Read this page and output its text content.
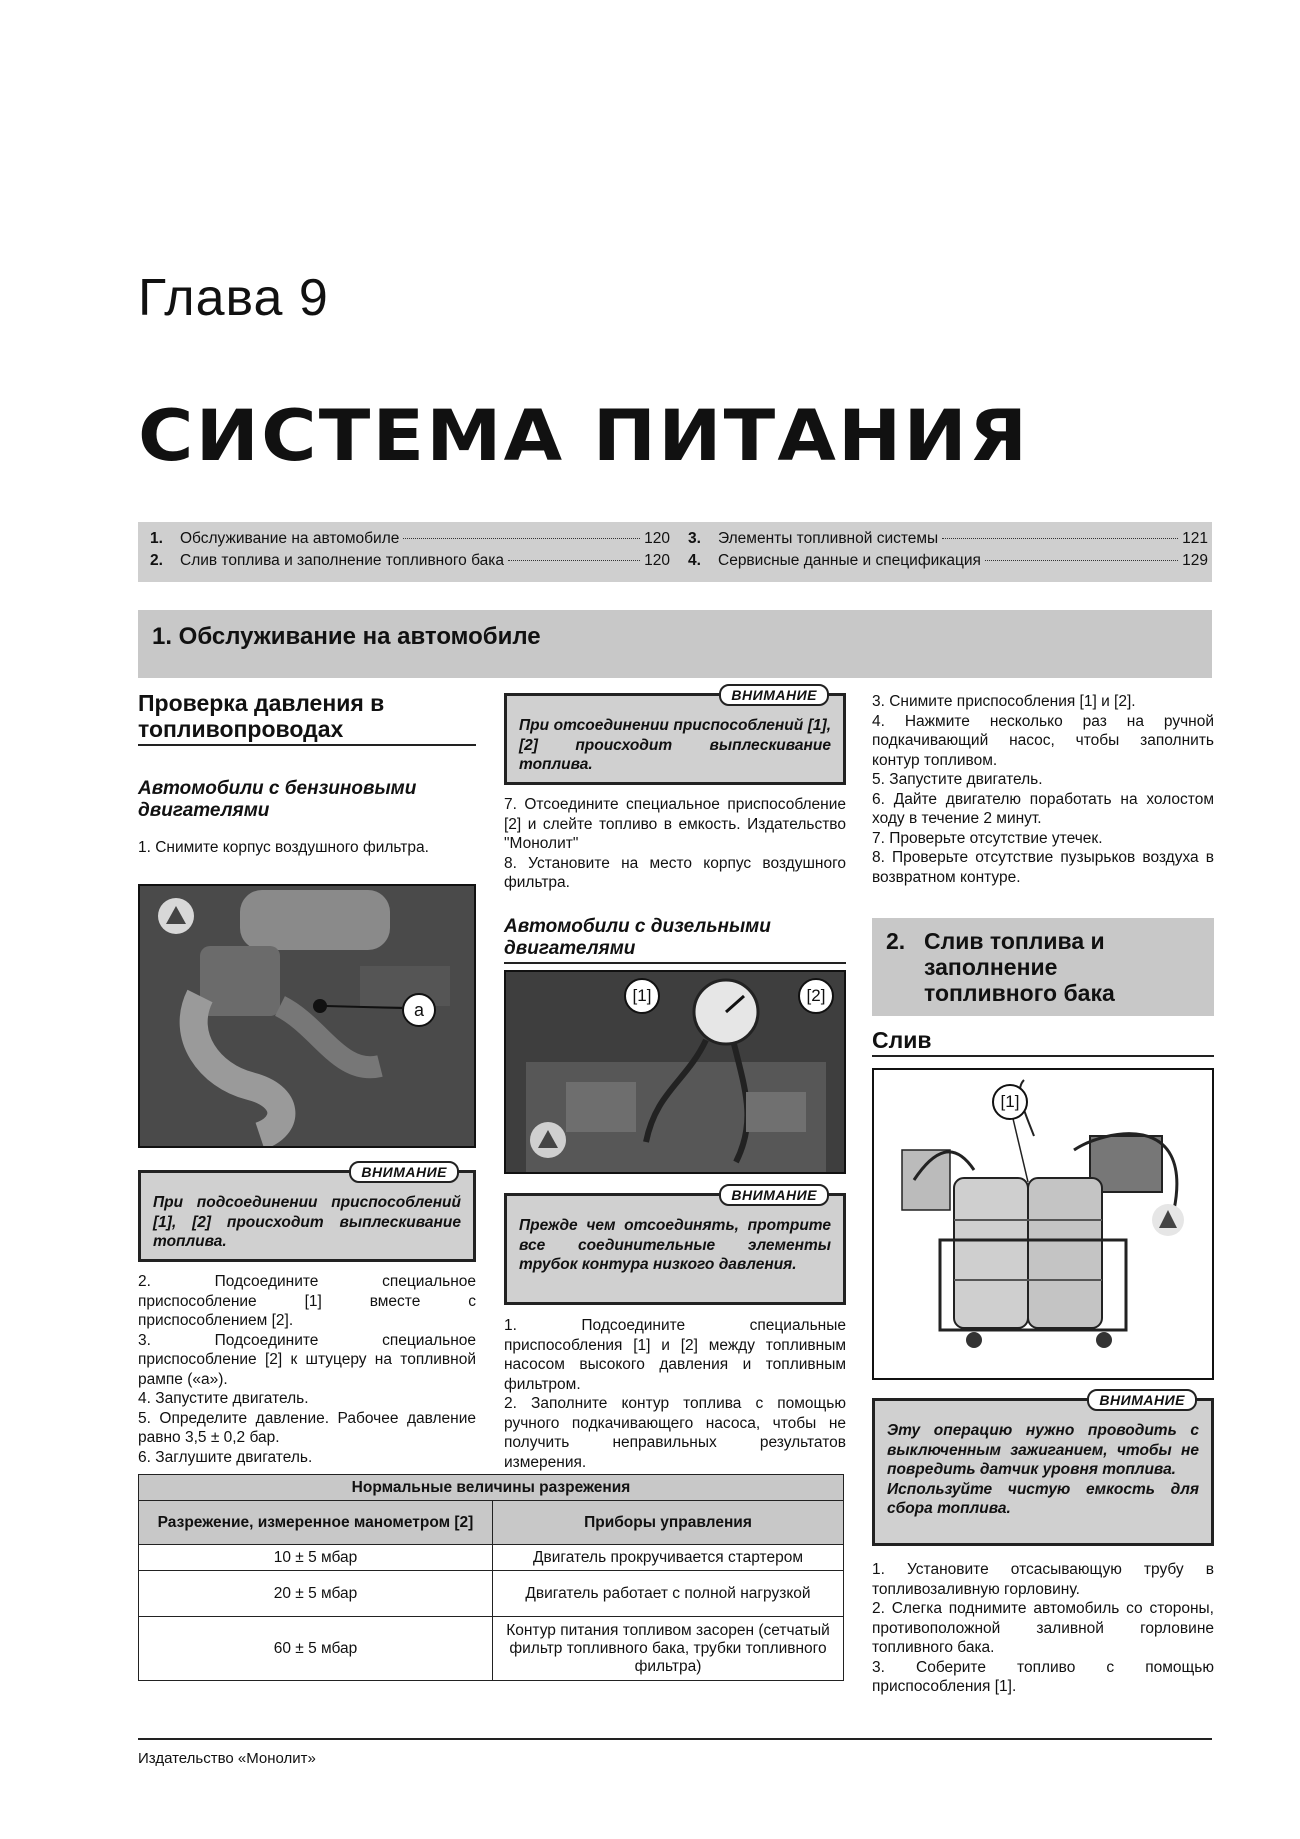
Глава 9
СИСТЕМА ПИТАНИЯ
1.	Обслуживание на автомобиле	120
2.	Слив топлива и заполнение топливного бака	120
3.	Элементы топливной системы	121
4.	Сервисные данные и спецификация	129
1. Обслуживание на автомобиле
Проверка давления в топливопроводах
Автомобили с бензиновыми двигателями
1. Снимите корпус воздушного фильтра.
a
ВНИМАНИЕ
При подсоединении приспособлений [1], [2] происходит выплескивание топлива.
2. Подсоедините специальное приспособление [1] вместе с приспособлением [2].
3. Подсоедините специальное приспособление [2] к штуцеру на топливной рампе («а»).
4. Запустите двигатель.
5. Определите давление. Рабочее давление равно 3,5 ± 0,2 бар.
6. Заглушите двигатель.
ВНИМАНИЕ
При отсоединении приспособлений [1], [2] происходит выплескивание топлива.
7. Отсоедините специальное приспособление [2] и слейте топливо в емкость. Издательство "Монолит"
8. Установите на место корпус воздушного фильтра.
Автомобили с дизельными двигателями
[1]	[2]
ВНИМАНИЕ
Прежде чем отсоединять, протрите все соединительные элементы трубок контура низкого давления.
1. Подсоедините специальные приспособления [1] и [2] между топливным насосом высокого давления и топливным фильтром.
2. Заполните контур топлива с помощью ручного подкачивающего насоса, чтобы не получить неправильных результатов измерения.
3. Снимите приспособления [1] и [2].
4. Нажмите несколько раз на ручной подкачивающий насос, чтобы заполнить контур топливом.
5. Запустите двигатель.
6. Дайте двигателю поработать на холостом ходу в течение 2 минут.
7. Проверьте отсутствие утечек.
8. Проверьте отсутствие пузырьков воздуха в возвратном контуре.
2. Слив топлива и заполнение топливного бака
Слив
[1]
ВНИМАНИЕ
Эту операцию нужно проводить с выключенным зажиганием, чтобы не повредить датчик уровня топлива.
Используйте чистую емкость для сбора топлива.
1. Установите отсасывающую трубу в топливозаливную горловину.
2. Слегка поднимите автомобиль со стороны, противоположной заливной горловине топливного бака.
3. Соберите топливо с помощью приспособления [1].
Нормальные величины разрежения	
Разрежение, измеренное манометром [2]	Приборы управления
10 ± 5 мбар	Двигатель прокручивается стартером
20 ± 5 мбар	Двигатель работает с полной нагрузкой
60 ± 5 мбар	Контур питания топливом засорен (сетчатый фильтр топливного бака, трубки топливного фильтра)
Издательство «Монолит»
